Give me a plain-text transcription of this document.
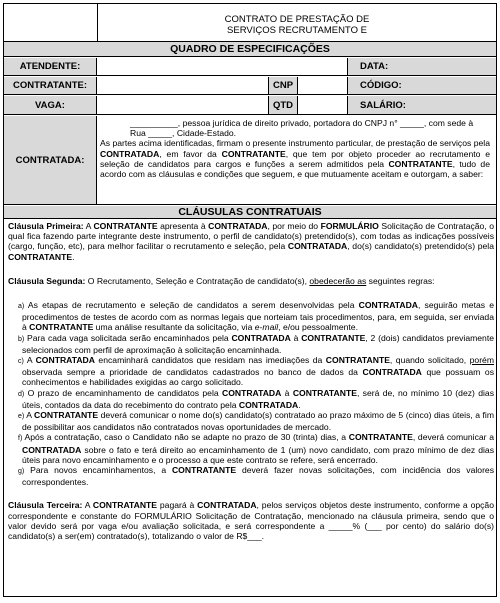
CONTRATO DE PRESTAÇÃO DE
SERVIÇOS RECRUTAMENTO E
QUADRO DE ESPECIFICAÇÕES
ATENDENTE:	DATA:
CONTRATANTE:	CNP	CÓDIGO:
VAGA:	QTD	SALÁRIO:
CONTRATADA:

__________, pessoa jurídica de direito privado, portadora do CNPJ n° _____, com sede à Rua _____, Cidade-Estado.

As partes acima identificadas, firmam o presente instrumento particular, de prestação de serviços pela CONTRATADA, em favor da CONTRATANTE, que tem por objeto proceder ao recrutamento e seleção de candidatos para cargos e funções a serem admitidos pela CONTRATANTE, tudo de acordo com as cláusulas e condições que seguem, e que mutuamente aceitam e outorgam, a saber:

CLÁUSULAS CONTRATUAIS

Cláusula Primeira: A CONTRATANTE apresenta à CONTRATADA, por meio do FORMULÁRIO Solicitação de Contratação, o qual fica fazendo parte integrante deste instrumento, o perfil de candidato(s) pretendido(s), com todas as indicações possíveis (cargo, função, etc), para melhor facilitar o recrutamento e seleção, pela CONTRATADA, do(s) candidato(s) pretendido(s) pela CONTRATANTE.

Cláusula Segunda: O Recrutamento, Seleção e Contratação de candidato(s), obedecerão as seguintes regras:

a) As etapas de recrutamento e seleção de candidatos a serem desenvolvidas pela CONTRATADA, seguirão metas e procedimentos de testes de acordo com as normas legais que norteiam tais procedimentos, para, em seguida, ser enviada à CONTRATANTE uma análise resultante da solicitação, via e-mail, e/ou pessoalmente.

b) Para cada vaga solicitada serão encaminhados pela CONTRATADA à CONTRATANTE, 2 (dois) candidatos previamente selecionados com perfil de aproximação à solicitação encaminhada.

c) A CONTRATADA encaminhará candidatos que residam nas imediações da CONTRATANTE, quando solicitado, porém observada sempre a prioridade de candidatos cadastrados no banco de dados da CONTRATADA que possuam os conhecimentos e habilidades exigidas ao cargo solicitado.

d) O prazo de encaminhamento de candidatos pela CONTRATADA à CONTRATANTE, será de, no mínimo 10 (dez) dias úteis, contados da data do recebimento do contrato pela CONTRATADA.

e) A CONTRATANTE deverá comunicar o nome do(s) candidato(s) contratado ao prazo máximo de 5 (cinco) dias úteis, a fim de possibilitar aos candidatos não contratados novas oportunidades de mercado.

f) Após a contratação, caso o Candidato não se adapte no prazo de 30 (trinta) dias, a CONTRATANTE, deverá comunicar a CONTRATADA sobre o fato e terá direito ao encaminhamento de 1 (um) novo candidato, com prazo mínimo de dez dias úteis para novo encaminhamento e o processo a que este contrato se refere, será encerrado.

g) Para novos encaminhamentos, a CONTRATANTE deverá fazer novas solicitações, com incidência dos valores correspondentes.

Cláusula Terceira: A CONTRATANTE pagará à CONTRATADA, pelos serviços objetos deste instrumento, conforme a opção correspondente e constante do FORMULÁRIO Solicitação de Contratação, mencionado na cláusula primeira, sendo que o valor devido será por vaga e/ou avaliação solicitada, e será correspondente a _____% (___ por cento) do salário do(s) candidato(s) a ser(em) contratado(s), totalizando o valor de R$___.
